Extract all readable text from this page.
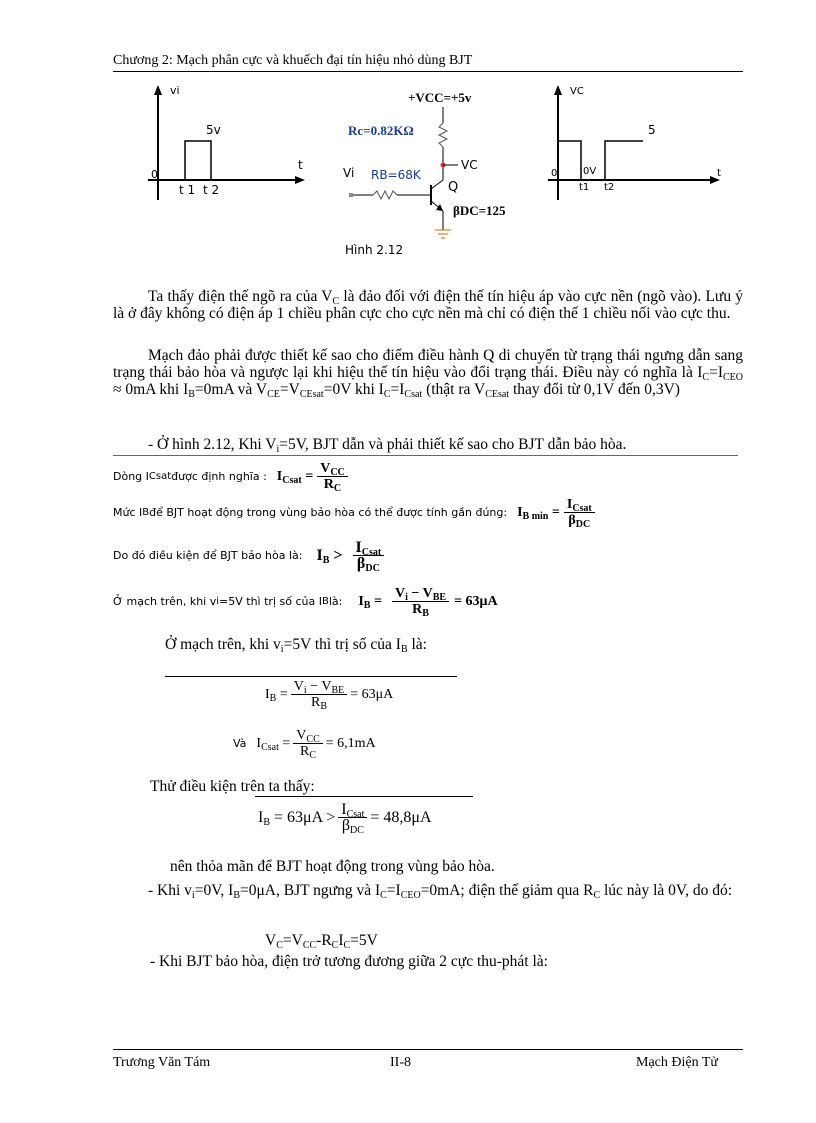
Chương 2: Mạch phân cực và khuếch đại tín hiệu nhỏ dùng BJT
vi
5v
0
t
t 1 t 2
+VCC=+5v
Rc=0.82KΩ
VC
Vi RB=68K
Q
βDC=125
Hình 2.12
VC
5
0	0V
t1 t2
t
Ta thấy điện thế ngõ ra của $V_C$ là đảo đối với điện thế tín hiệu áp vào cực nền (ngõ vào). Lưu ý là ở đây không có điện áp 1 chiều phân cực cho cực nền mà chỉ có điện thế 1 chiều nối vào cực thu.
Mạch đảo phải được thiết kế sao cho điểm điều hành Q di chuyển từ trạng thái ngưng dẫn sang trạng thái bảo hòa và ngược lại khi hiệu thế tín hiệu vào đổi trạng thái. Điều này có nghĩa là $I_C=I_{CEO} \approx 0mA$ khi $I_B=0mA$ và $V_{CE}=V_{CEsat}=0V$ khi $I_C=I_{Csat}$ (thật ra $V_{CEsat}$ thay đổi từ 0,1V đến 0,3V)
- Ở hình 2.12, Khi $V_i=5V$, BJT dẫn và phải thiết kế sao cho BJT dẫn bảo hòa.
Dòng I Csat được định nghĩa : $I_{Csat} = \frac{V_{CC}}{R_C}$
Mức I B để BJT hoạt động trong vùng bảo hòa có thể được tính gần đúng: $I_{B min} = \frac{I_{Csat}}{\beta_{DC}}$
Do đó điều kiện để BJT bảo hòa là: $I_B > \frac{I_{Csat}}{\beta_{DC}}$
Ở mạch trên, khi v i =5V thì trị số của I B là: $I_B = \frac{V_i - V_{BE}}{R_B} = 63\mu A$
Ở mạch trên, khi $v_i=5V$ thì trị số của $I_B$ là:
$I_B = \frac{V_i - V_{BE}}{R_B} = 63\mu A$
Và $I_{Csat} = \frac{V_{CC}}{R_C} = 6,1mA$
Thử điều kiện trên ta thấy:
$I_B = 63\mu A > \frac{I_{Csat}}{\beta_{DC}} = 48,8\mu A$
nên thỏa mãn để BJT hoạt động trong vùng bảo hòa.
- Khi $v_i=0V$, $I_B=0\mu A$, BJT ngưng và $I_C=I_{CEO}=0mA$; điện thế giảm qua $R_C$ lúc này là 0V, do đó:
$V_C=V_{CC}-R_CI_C=5V$
- Khi BJT bảo hòa, điện trở tương đương giữa 2 cực thu-phát là:
Trương Văn Tám	II-8	Mạch Điện Tử
